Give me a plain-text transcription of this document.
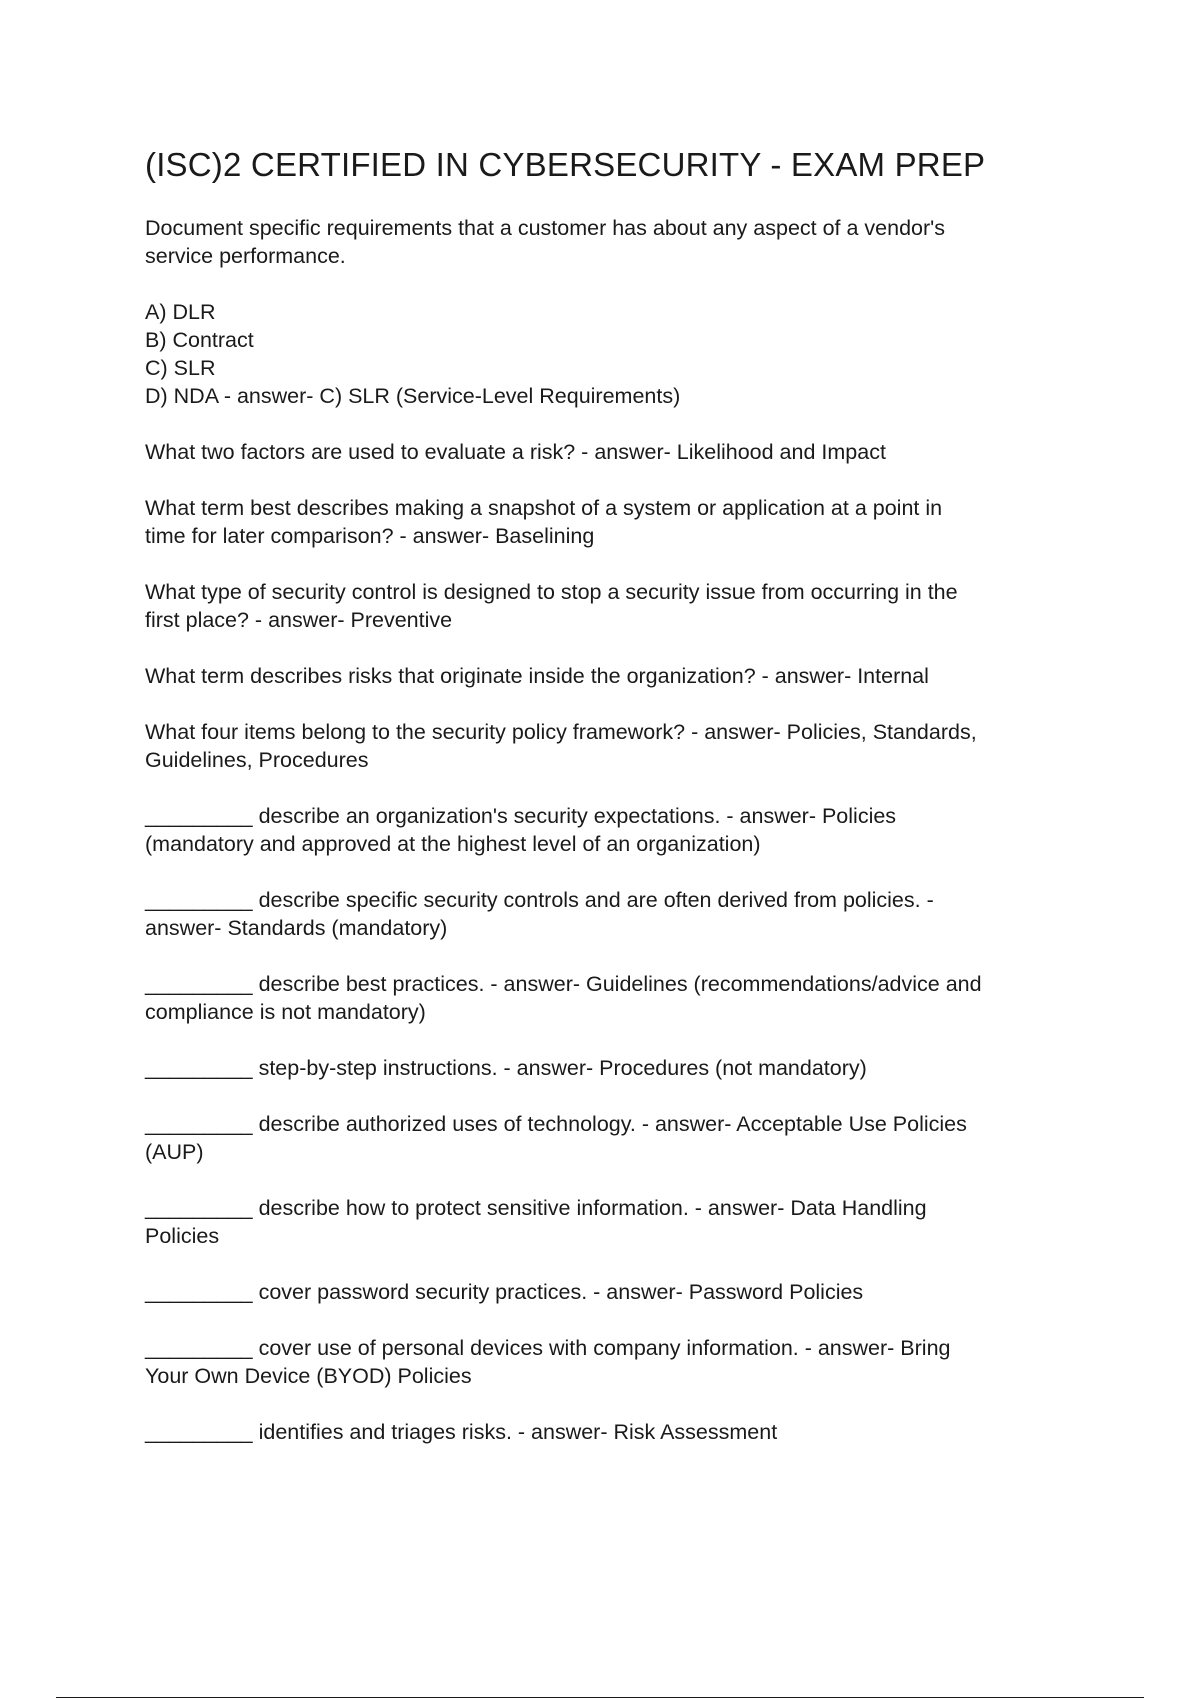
(ISC)2 CERTIFIED IN CYBERSECURITY - EXAM PREP

Document specific requirements that a customer has about any aspect of a vendor's
service performance.

A) DLR
B) Contract
C) SLR
D) NDA - answer- C) SLR (Service-Level Requirements)

What two factors are used to evaluate a risk? - answer- Likelihood and Impact

What term best describes making a snapshot of a system or application at a point in
time for later comparison? - answer- Baselining

What type of security control is designed to stop a security issue from occurring in the
first place? - answer- Preventive

What term describes risks that originate inside the organization? - answer- Internal

What four items belong to the security policy framework? - answer- Policies, Standards,
Guidelines, Procedures

_________ describe an organization's security expectations. - answer- Policies
(mandatory and approved at the highest level of an organization)

_________ describe specific security controls and are often derived from policies. -
answer- Standards (mandatory)

_________ describe best practices. - answer- Guidelines (recommendations/advice and
compliance is not mandatory)

_________ step-by-step instructions. - answer- Procedures (not mandatory)

_________ describe authorized uses of technology. - answer- Acceptable Use Policies
(AUP)

_________ describe how to protect sensitive information. - answer- Data Handling
Policies

_________ cover password security practices. - answer- Password Policies

_________ cover use of personal devices with company information. - answer- Bring
Your Own Device (BYOD) Policies

_________ identifies and triages risks. - answer- Risk Assessment
